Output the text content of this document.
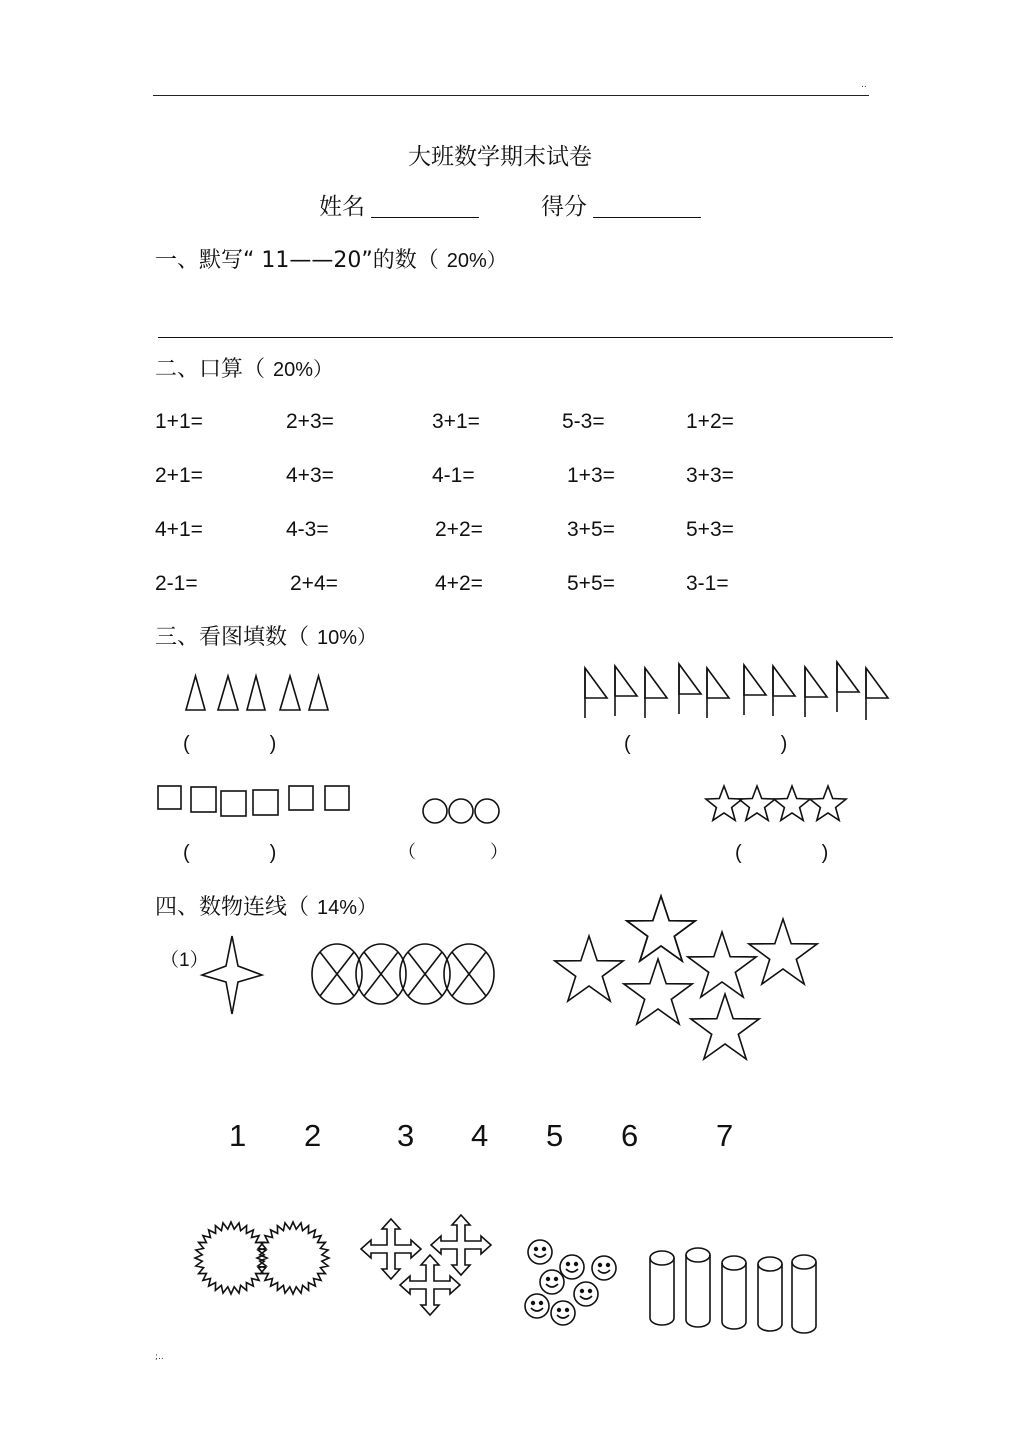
..
;..
大班数学期末试卷
姓名	得分
一、默写“ 11——20”的数（ 20%）
二、口算（ 20%）
1+1=	2+3=	3+1=	5-3=	1+2=
2+1=	4+3=	4-1=	1+3=	3+3=
4+1=	4-3=	2+2=	3+5=	5+3=
2-1=	2+4=	4+2=	5+5=	3-1=
三、看图填数（ 10%）
(	)	(	)
(	)	（	）	(	)
四、数物连线（ 14%）
（1）
1 2 3 4 5 6	7
